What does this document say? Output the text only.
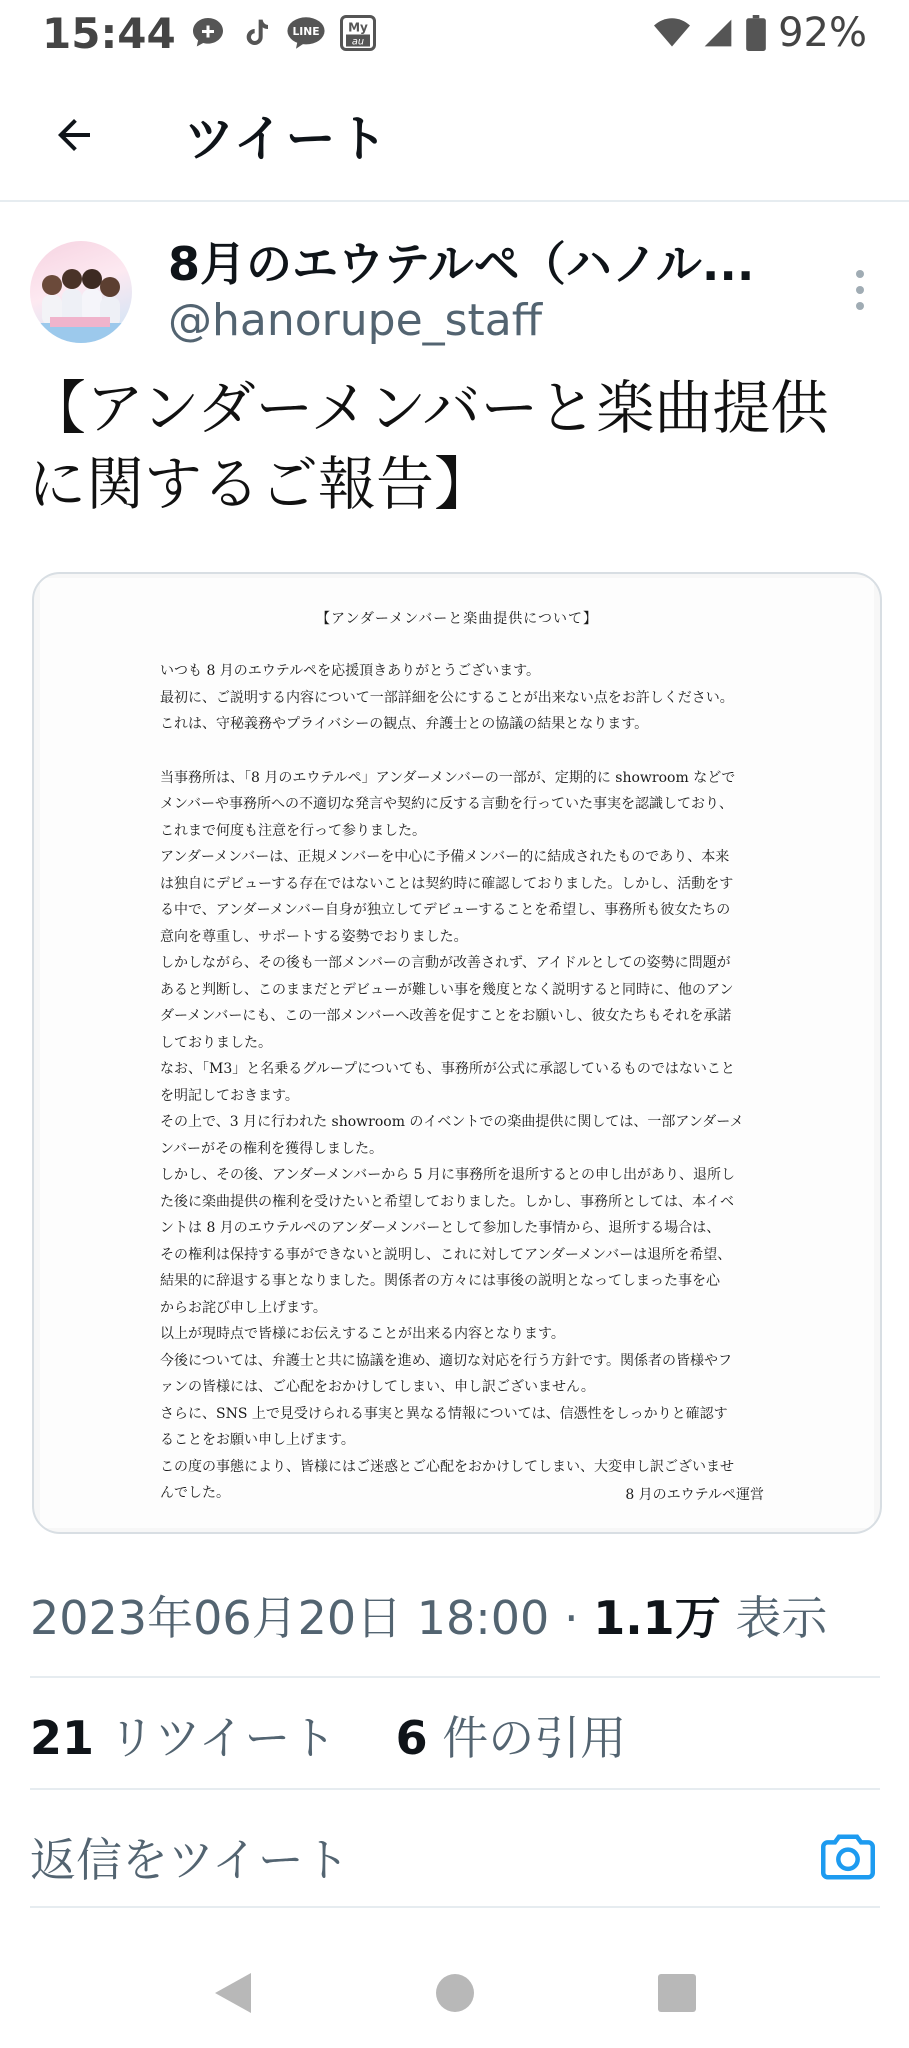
15:44	LINE	My
au	92%
ツイート
8月のエウテルペ（ハノル...
@hanorupe_staff
【アンダーメンバーと楽曲提供に関するご報告】
【アンダーメンバーと楽曲提供について】

いつも 8 月のエウテルペを応援頂きありがとうございます。

最初に、ご説明する内容について一部詳細を公にすることが出来ない点をお許しください。

これは、守秘義務やプライバシーの観点、弁護士との協議の結果となります。

当事務所は、「8 月のエウテルペ」アンダーメンバーの一部が、定期的に showroom などで

メンバーや事務所への不適切な発言や契約に反する言動を行っていた事実を認識しており、

これまで何度も注意を行って参りました。

アンダーメンバーは、正規メンバーを中心に予備メンバー的に結成されたものであり、本来

は独自にデビューする存在ではないことは契約時に確認しておりました。しかし、活動をす

る中で、アンダーメンバー自身が独立してデビューすることを希望し、事務所も彼女たちの

意向を尊重し、サポートする姿勢でおりました。

しかしながら、その後も一部メンバーの言動が改善されず、アイドルとしての姿勢に問題が

あると判断し、このままだとデビューが難しい事を幾度となく説明すると同時に、他のアン

ダーメンバーにも、この一部メンバーへ改善を促すことをお願いし、彼女たちもそれを承諾

しておりました。

なお、「M3」と名乗るグループについても、事務所が公式に承認しているものではないこと

を明記しておきます。

その上で、3 月に行われた showroom のイベントでの楽曲提供に関しては、一部アンダーメ

ンバーがその権利を獲得しました。

しかし、その後、アンダーメンバーから 5 月に事務所を退所するとの申し出があり、退所し

た後に楽曲提供の権利を受けたいと希望しておりました。しかし、事務所としては、本イベ

ントは 8 月のエウテルペのアンダーメンバーとして参加した事情から、退所する場合は、

その権利は保持する事ができないと説明し、これに対してアンダーメンバーは退所を希望、

結果的に辞退する事となりました。関係者の方々には事後の説明となってしまった事を心

からお詫び申し上げます。

以上が現時点で皆様にお伝えすることが出来る内容となります。

今後については、弁護士と共に協議を進め、適切な対応を行う方針です。関係者の皆様やフ

ァンの皆様には、ご心配をおかけしてしまい、申し訳ございません。

さらに、SNS 上で見受けられる事実と異なる情報については、信憑性をしっかりと確認す

ることをお願い申し上げます。

この度の事態により、皆様にはご迷惑とご心配をおかけしてしまい、大変申し訳ございませ

んでした。	8 月のエウテルペ運営
2023年06月20日 18:00 · 1.1万 表示
21 リツイート 6 件の引用
返信をツイート
